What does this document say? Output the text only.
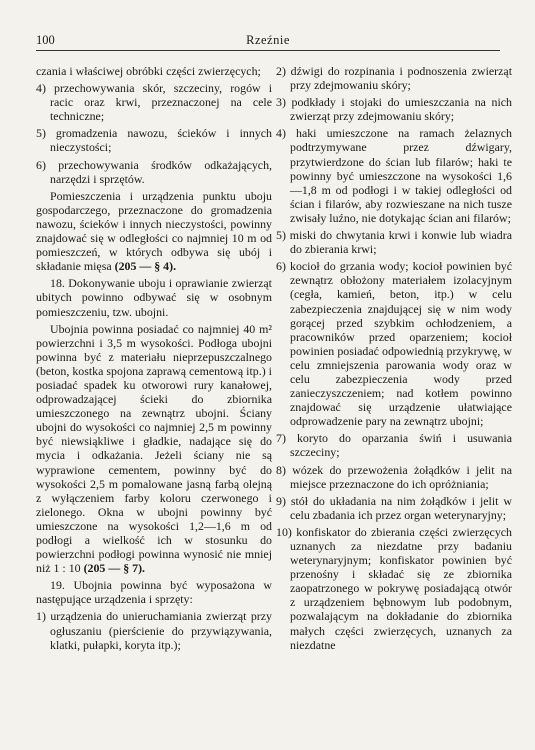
100	Rzeźnie

czania i właściwej obróbki części zwierzęcych;

4) przechowywania skór, szczeciny, rogów i racic oraz krwi, przeznaczonej na cele techniczne;

5) gromadzenia nawozu, ścieków i innych nieczystości;

6) przechowywania środków odkażających, narzędzi i sprzętów.

Pomieszczenia i urządzenia punktu uboju gospodarczego, przeznaczone do gromadzenia nawozu, ścieków i innych nieczystości, powinny znajdować się w odległości co najmniej 10 m od pomieszczeń, w których odbywa się ubój i składanie mięsa (205 — § 4).

18. Dokonywanie uboju i oprawianie zwierząt ubitych powinno odbywać się w osobnym pomieszczeniu, tzw. ubojni.

Ubojnia powinna posiadać co najmniej 40 m² powierzchni i 3,5 m wysokości. Podłoga ubojni powinna być z materiału nieprzepuszczalnego (beton, kostka spojona zaprawą cementową itp.) i posiadać spadek ku otworowi rury kanałowej, odprowadzającej ścieki do zbiornika umieszczonego na zewnątrz ubojni. Ściany ubojni do wysokości co najmniej 2,5 m powinny być niewsiąkliwe i gładkie, nadające się do mycia i odkażania. Jeżeli ściany nie są wyprawione cementem, powinny być do wysokości 2,5 m pomalowane jasną farbą olejną z wyłączeniem farby koloru czerwonego i zielonego. Okna w ubojni powinny być umieszczone na wysokości 1,2—1,6 m od podłogi a wielkość ich w stosunku do powierzchni podłogi powinna wynosić nie mniej niż 1 : 10 (205 — § 7).

19. Ubojnia powinna być wyposażona w następujące urządzenia i sprzęty:

1) urządzenia do unieruchamiania zwierząt przy ogłuszaniu (pierścienie do przywiązywania, klatki, pułapki, koryta itp.);

2) dźwigi do rozpinania i podnoszenia zwierząt przy zdejmowaniu skóry;

3) podkłady i stojaki do umieszczania na nich zwierząt przy zdejmowaniu skóry;

4) haki umieszczone na ramach żelaznych podtrzymywane przez dźwigary, przytwierdzone do ścian lub filarów; haki te powinny być umieszczone na wysokości 1,6—1,8 m od podłogi i w takiej odległości od ścian i filarów, aby rozwieszane na nich tusze zwisały luźno, nie dotykając ścian ani filarów;

5) miski do chwytania krwi i konwie lub wiadra do zbierania krwi;

6) kocioł do grzania wody; kocioł powinien być zewnątrz obłożony materiałem izolacyjnym (cegła, kamień, beton, itp.) w celu zabezpieczenia znajdującej się w nim wody gorącej przed szybkim ochłodzeniem, a pracowników przed oparzeniem; kocioł powinien posiadać odpowiednią przykrywę, w celu zmniejszenia parowania wody oraz w celu zabezpieczenia wody przed zanieczyszczeniem; nad kotłem powinno znajdować się urządzenie ułatwiające odprowadzenie pary na zewnątrz ubojni;

7) koryto do oparzania świń i usuwania szczeciny;

8) wózek do przewożenia żołądków i jelit na miejsce przeznaczone do ich opróżniania;

9) stół do układania na nim żołądków i jelit w celu zbadania ich przez organ weterynaryjny;

10) konfiskator do zbierania części zwierzęcych uznanych za niezdatne przy badaniu weterynaryjnym; konfiskator powinien być przenośny i składać się ze zbiornika zaopatrzonego w pokrywę posiadającą otwór z urządzeniem bębnowym lub podobnym, pozwalającym na dokładanie do zbiornika małych części zwierzęcych, uznanych za niezdatne
